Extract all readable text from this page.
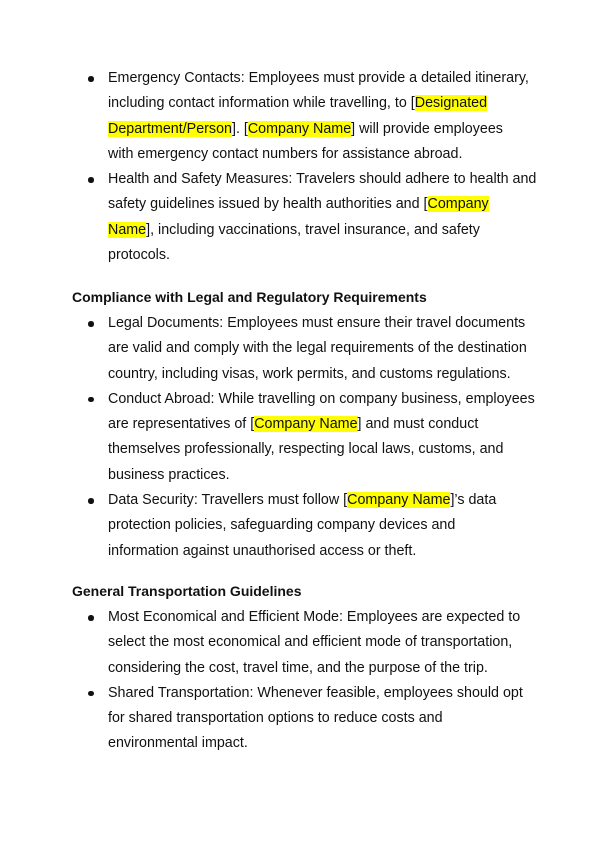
Emergency Contacts: Employees must provide a detailed itinerary,
including contact information while travelling, to [Designated
Department/Person]. [Company Name] will provide employees
with emergency contact numbers for assistance abroad.
Health and Safety Measures: Travelers should adhere to health and
safety guidelines issued by health authorities and [Company
Name], including vaccinations, travel insurance, and safety
protocols.
Compliance with Legal and Regulatory Requirements
Legal Documents: Employees must ensure their travel documents
are valid and comply with the legal requirements of the destination
country, including visas, work permits, and customs regulations.
Conduct Abroad: While travelling on company business, employees
are representatives of [Company Name] and must conduct
themselves professionally, respecting local laws, customs, and
business practices.
Data Security: Travellers must follow [Company Name]’s data
protection policies, safeguarding company devices and
information against unauthorised access or theft.
General Transportation Guidelines
Most Economical and Efficient Mode: Employees are expected to
select the most economical and efficient mode of transportation,
considering the cost, travel time, and the purpose of the trip.
Shared Transportation: Whenever feasible, employees should opt
for shared transportation options to reduce costs and
environmental impact.
